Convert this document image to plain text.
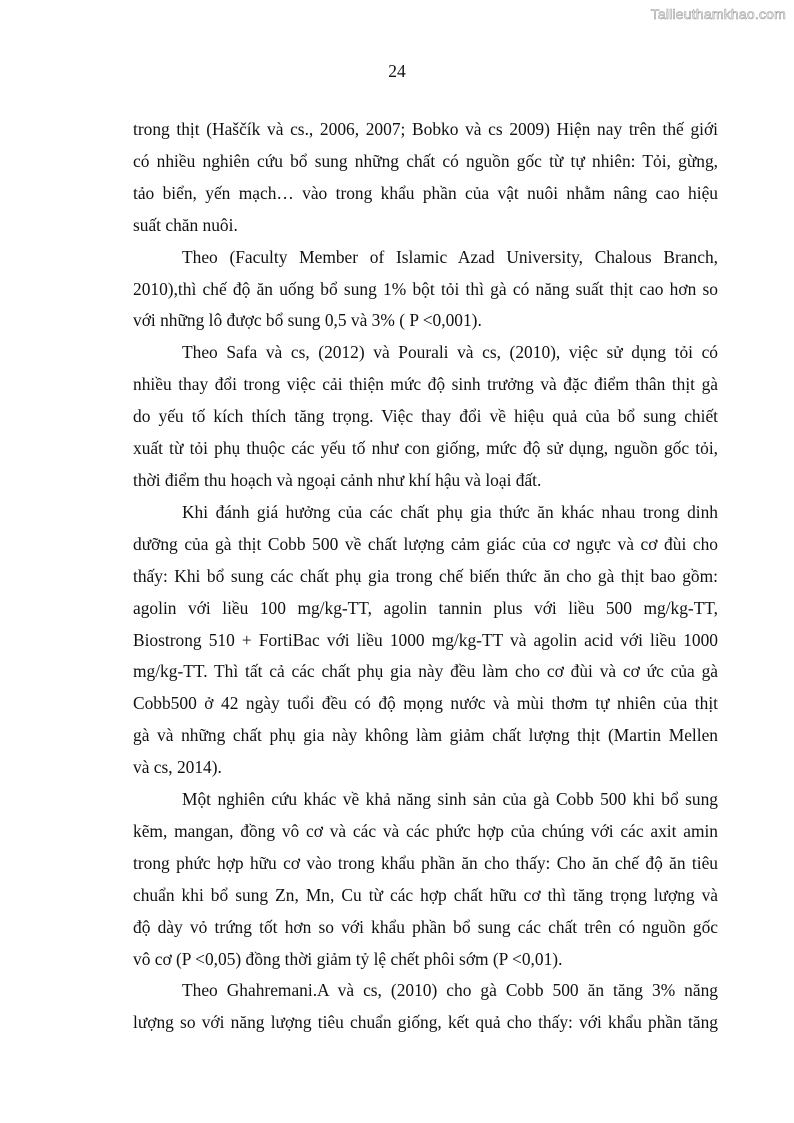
Tailieuthamkhao.com
24

trong thịt (Haščík và cs., 2006, 2007; Bobko và cs 2009) Hiện nay trên thế giới
có nhiều nghiên cứu bổ sung những chất có nguồn gốc từ tự nhiên: Tỏi, gừng,
tảo biển, yến mạch… vào trong khẩu phần của vật nuôi nhằm nâng cao hiệu
suất chăn nuôi.

Theo (Faculty Member of Islamic Azad University, Chalous Branch,
2010),thì chế độ ăn uống bổ sung 1% bột tỏi thì gà có năng suất thịt cao hơn so
với những lô được bổ sung 0,5 và 3% ( P <0,001).

Theo Safa và cs, (2012) và Pourali và cs, (2010), việc sử dụng tỏi có
nhiều thay đổi trong việc cải thiện mức độ sinh trưởng và đặc điểm thân thịt gà
do yếu tố kích thích tăng trọng. Việc thay đổi về hiệu quả của bổ sung chiết
xuất từ tỏi phụ thuộc các yếu tố như con giống, mức độ sử dụng, nguồn gốc tỏi,
thời điểm thu hoạch và ngoại cảnh như khí hậu và loại đất.

Khi đánh giá hưởng của các chất phụ gia thức ăn khác nhau trong dinh
dưỡng của gà thịt Cobb 500 về chất lượng cảm giác của cơ ngực và cơ đùi cho
thấy: Khi bổ sung các chất phụ gia trong chế biến thức ăn cho gà thịt bao gồm:
agolin với liều 100 mg/kg-TT, agolin tannin plus với liều 500 mg/kg-TT,
Biostrong 510 + FortiBac với liều 1000 mg/kg-TT và agolin acid với liều 1000
mg/kg-TT. Thì tất cả các chất phụ gia này đều làm cho cơ đùi và cơ ức của gà
Cobb500 ở 42 ngày tuổi đều có độ mọng nước và mùi thơm tự nhiên của thịt
gà và những chất phụ gia này không làm giảm chất lượng thịt (Martin Mellen
và cs, 2014).

Một nghiên cứu khác về khả năng sinh sản của gà Cobb 500 khi bổ sung
kẽm, mangan, đồng vô cơ và các và các phức hợp của chúng với các axit amin
trong phức hợp hữu cơ vào trong khẩu phần ăn cho thấy: Cho ăn chế độ ăn tiêu
chuẩn khi bổ sung Zn, Mn, Cu từ các hợp chất hữu cơ thì tăng trọng lượng và
độ dày vỏ trứng tốt hơn so với khẩu phần bổ sung các chất trên có nguồn gốc
vô cơ (P <0,05) đồng thời giảm tỷ lệ chết phôi sớm (P <0,01).

Theo Ghahremani.A và cs, (2010) cho gà Cobb 500 ăn tăng 3% năng
lượng so với năng lượng tiêu chuẩn giống, kết quả cho thấy: với khẩu phần tăng
